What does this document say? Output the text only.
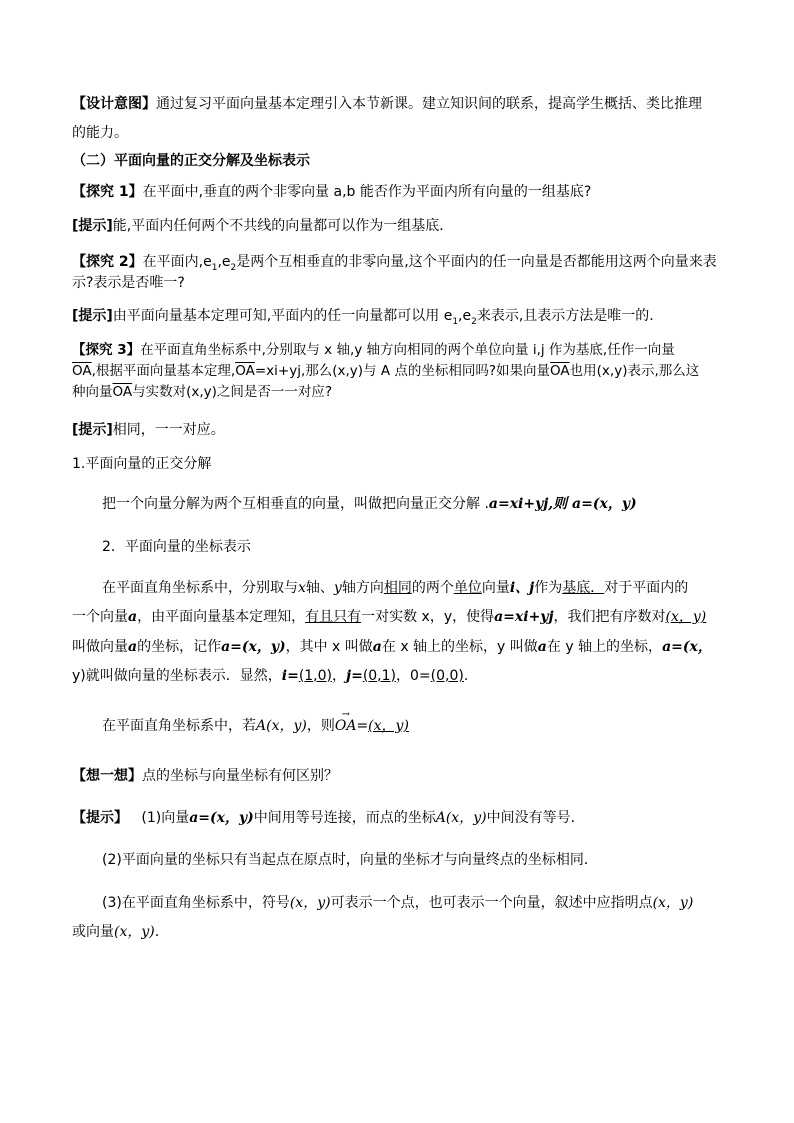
【设计意图】通过复习平面向量基本定理引入本节新课。建立知识间的联系，提高学生概括、类比推理
的能力。
（二）平面向量的正交分解及坐标表示
【探究 1】在平面中,垂直的两个非零向量 a,b 能否作为平面内所有向量的一组基底?
[提示]能,平面内任何两个不共线的向量都可以作为一组基底.
【探究 2】在平面内$,e_1,e_2$是两个互相垂直的非零向量,这个平面内的任一向量是否都能用这两个向量来表
示?表示是否唯一?
[提示]由平面向量基本定理可知,平面内的任一向量都可以用 $e_1,e_2$来表示,且表示方法是唯一的.
【探究 3】在平面直角坐标系中,分别取与 x 轴,y 轴方向相同的两个单位向量 i,j 作为基底,任作一向量
$\overline{OA}$,根据平面向量基本定理$,\overline{OA}=xi+yj$,那么(x,y)与 A 点的坐标相同吗?如果向量$\overline{OA}$也用(x,y)表示,那么这
种向量$\overline{OA}$与实数对(x,y)之间是否一一对应?
[提示]相同，一一对应。
1.平面向量的正交分解
把一个向量分解为两个互相垂直的向量，叫做把向量正交分解 .a=xi+yj,则 a=(x，y)
2．平面向量的坐标表示
在平面直角坐标系中，分别取与x轴、y轴方向相同的两个单位向量i、j作为基底．对于平面内的
一个向量a，由平面向量基本定理知，有且只有一对实数 x，y，使得a=xi+yj，我们把有序数对(x，y)
叫做向量a的坐标，记作a=(x，y)，其中 x 叫做a在 x 轴上的坐标，y 叫做a在 y 轴上的坐标，a=(x，
y)就叫做向量的坐标表示．显然，i=(1,0)，j=(0,1)，0=(0,0).
在平面直角坐标系中，若A(x，y)，则→ OA=(x，y)
【想一想】点的坐标与向量坐标有何区别？
【提示】 (1)向量a=(x，y)中间用等号连接，而点的坐标A(x，y)中间没有等号．
(2)平面向量的坐标只有当起点在原点时，向量的坐标才与向量终点的坐标相同．
(3)在平面直角坐标系中，符号(x，y)可表示一个点，也可表示一个向量，叙述中应指明点(x，y)
或向量(x，y).
